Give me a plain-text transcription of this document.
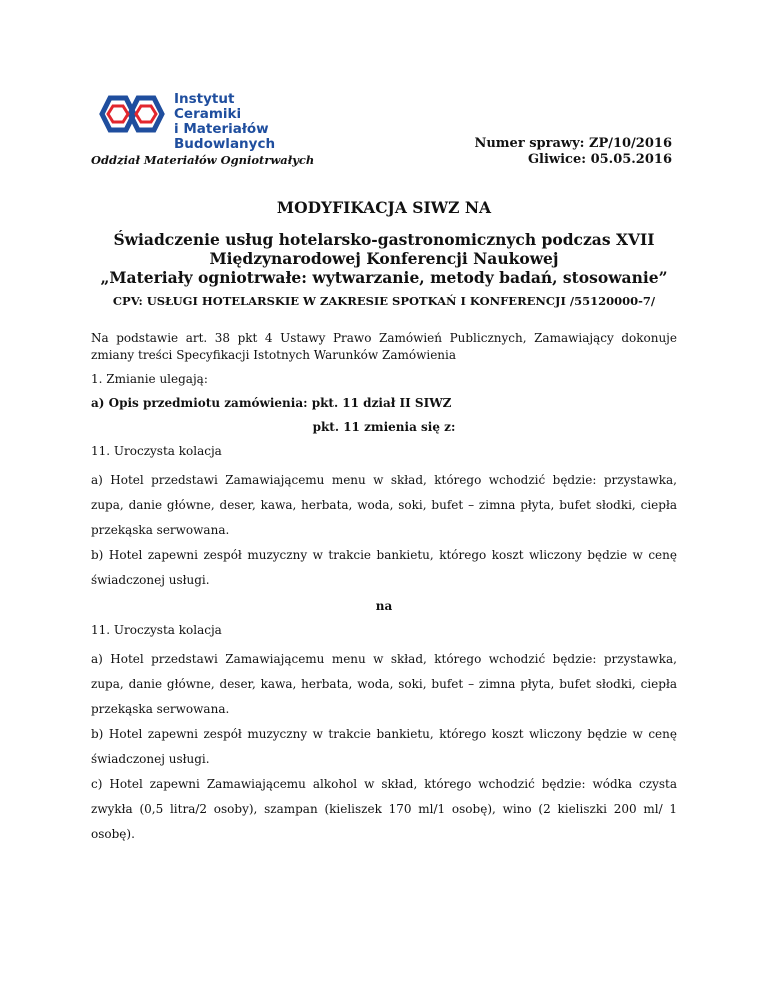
Instytut Ceramiki
i Materiałów
Budowlanych
Oddział Materiałów Ogniotrwałych
Numer sprawy: ZP/10/2016
Gliwice: 05.05.2016
MODYFIKACJA SIWZ NA
Świadczenie usług hotelarsko-gastronomicznych podczas XVII
Międzynarodowej Konferencji Naukowej
„Materiały ogniotrwałe: wytwarzanie, metody badań, stosowanie”
CPV: USŁUGI HOTELARSKIE W ZAKRESIE SPOTKAŃ I KONFERENCJI /55120000-7/

Na podstawie art. 38 pkt 4 Ustawy Prawo Zamówień Publicznych, Zamawiający dokonuje zmiany treści Specyfikacji Istotnych Warunków Zamówienia

1. Zmianie ulegają:

a) Opis przedmiotu zamówienia: pkt. 11 dział II SIWZ

pkt. 11 zmienia się z:

11. Uroczysta kolacja

a) Hotel przedstawi Zamawiającemu menu w skład, którego wchodzić będzie: przystawka, zupa, danie główne, deser, kawa, herbata, woda, soki, bufet – zimna płyta, bufet słodki, ciepła przekąska serwowana.

b) Hotel zapewni zespół muzyczny w trakcie bankietu, którego koszt wliczony będzie w cenę świadczonej usługi.

na

11. Uroczysta kolacja

a) Hotel przedstawi Zamawiającemu menu w skład, którego wchodzić będzie: przystawka, zupa, danie główne, deser, kawa, herbata, woda, soki, bufet – zimna płyta, bufet słodki, ciepła przekąska serwowana.

b) Hotel zapewni zespół muzyczny w trakcie bankietu, którego koszt wliczony będzie w cenę świadczonej usługi.

c) Hotel zapewni Zamawiającemu alkohol w skład, którego wchodzić będzie: wódka czysta zwykła (0,5 litra/2 osoby), szampan (kieliszek 170 ml/1 osobę), wino (2 kieliszki 200 ml/ 1 osobę).
